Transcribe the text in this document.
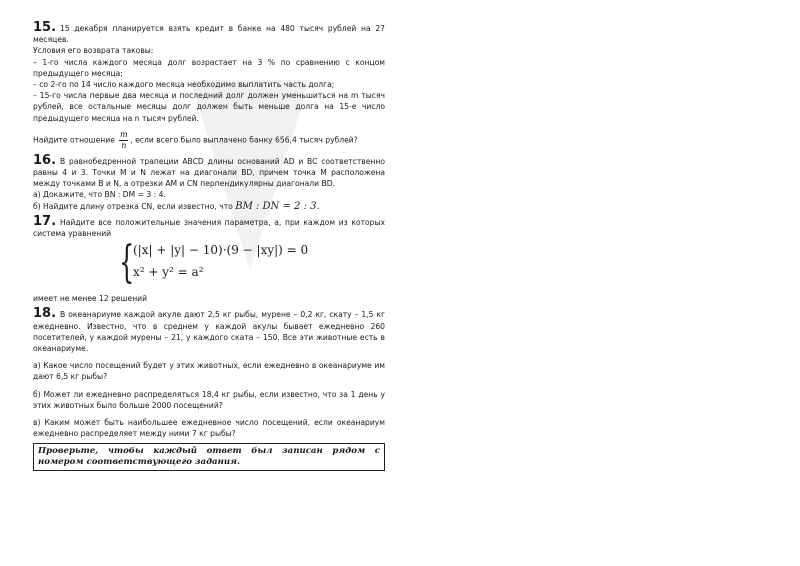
15. 15 декабря планируется взять кредит в банке на 480 тысяч рублей на 27 месяцев.

Условия его возврата таковы:

– 1-го числа каждого месяца долг возрастает на 3 % по сравнению с концом предыдущего месяца;

– со 2-го по 14 число каждого месяца необходимо выплатить часть долга;

– 15-го числа первые два месяца и последний долг должен уменьшиться на m тысяч рублей, все остальные месяцы долг должен быть меньше долга на 15-е число предыдущего месяца на n тысяч рублей.

Найдите отношение $\frac{m}{n}$ , если всего было выплачено банку 656,4 тысяч рублей?

16. В равнобедренной трапеции ABCD длины оснований AD и BC соответственно равны 4 и 3. Точки M и N лежат на диагонали BD, причем точка M расположена между точками B и N, а отрезки AM и CN перпендикулярны диагонали BD.

а) Докажите, что BN : DM = 3 : 4.

б) Найдите длину отрезка CN, если известно, что BM : DN = 2 : 3.

17. Найдите все положительные значения параметра, а, при каждом из которых система уравнений

{
(|x| + |y| − 10)·(9 − |xy|) = 0
x² + y² = a²

имеет не менее 12 решений

18. В океанариуме каждой акуле дают 2,5 кг рыбы, мурене – 0,2 кг, скату – 1,5 кг ежедневно. Известно, что в среднем у каждой акулы бывает ежедневно 260 посетителей, у каждой мурены – 21, у каждого ската – 150. Все эти животные есть в океанариуме.

а) Какое число посещений будет у этих животных, если ежедневно в океанариуме им дают 6,5 кг рыбы?

б) Может ли ежедневно распределяться 18,4 кг рыбы, если известно, что за 1 день у этих животных было больше 2000 посещений?

в) Каким может быть наибольшее ежедневное число посещений, если океанариум ежедневно распределяет между ними 7 кг рыбы?

Проверьте, чтобы каждый ответ был записан рядом с номером соответствующего задания.
